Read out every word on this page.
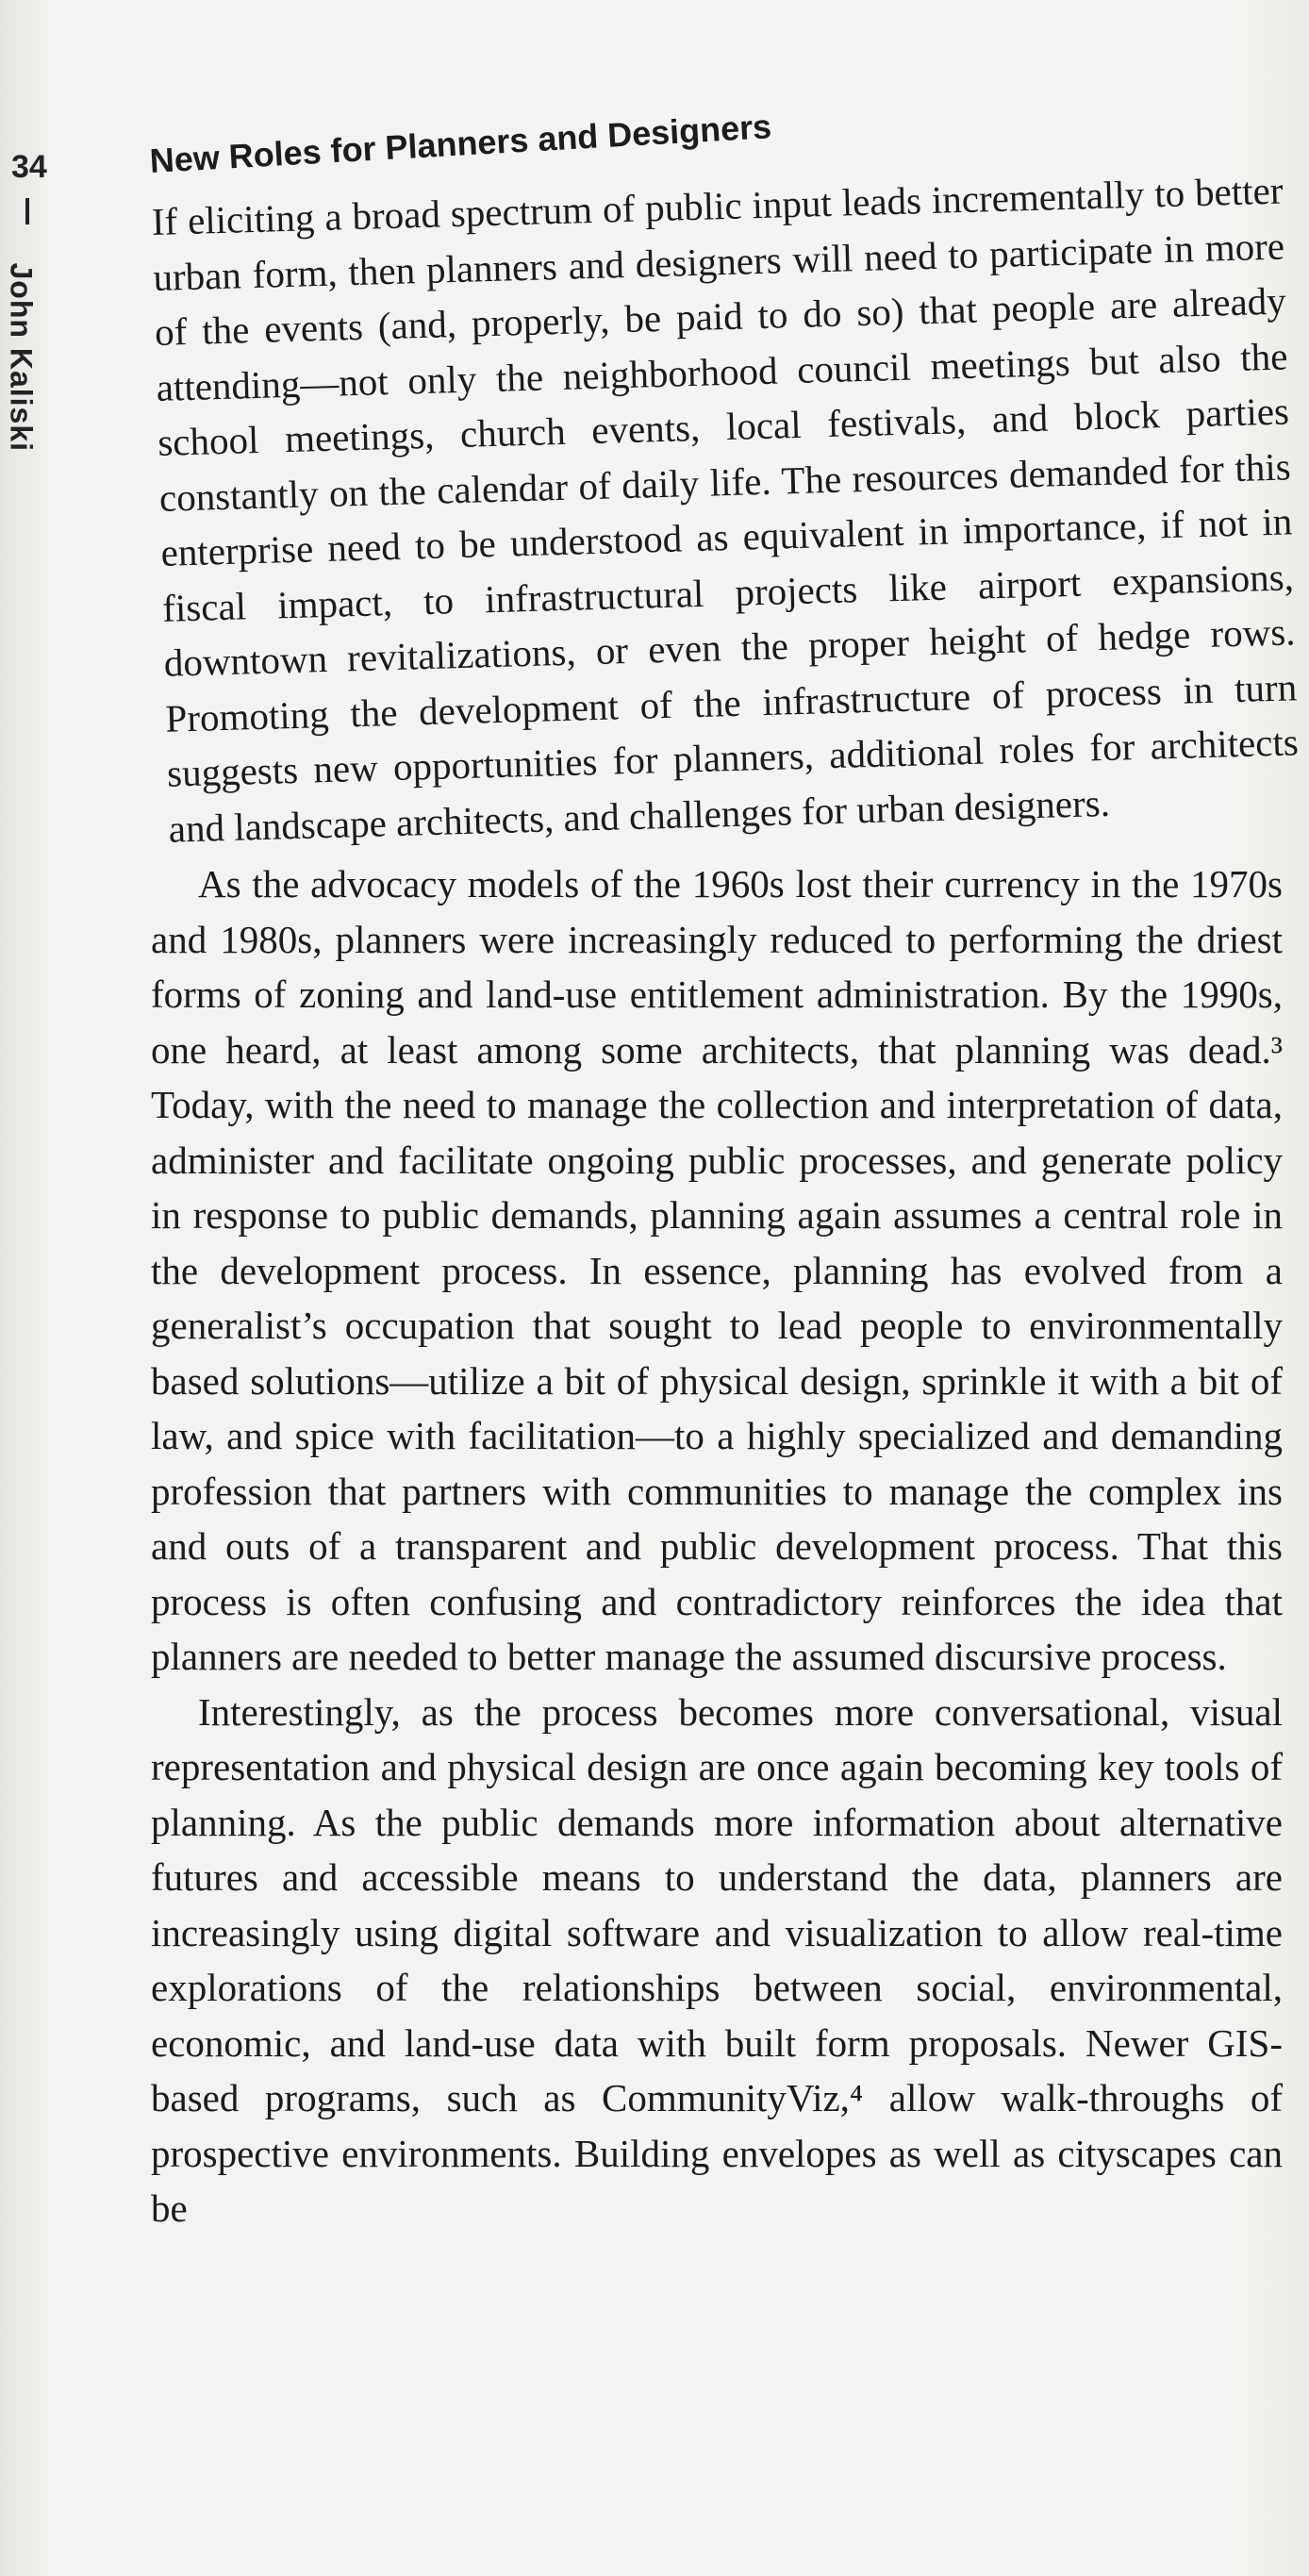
34
John Kaliski
New Roles for Planners and Designers

If eliciting a broad spectrum of public input leads incrementally to better urban form, then planners and designers will need to participate in more of the events (and, properly, be paid to do so) that people are already attending—not only the neighborhood council meetings but also the school meetings, church events, local festivals, and block parties constantly on the calendar of daily life. The resources demanded for this enterprise need to be understood as equivalent in importance, if not in fiscal impact, to infrastructural projects like airport expansions, downtown revitalizations, or even the proper height of hedge rows. Promoting the development of the infrastructure of process in turn suggests new opportunities for planners, additional roles for architects and landscape architects, and challenges for urban designers.

As the advocacy models of the 1960s lost their currency in the 1970s and 1980s, planners were increasingly reduced to performing the driest forms of zoning and land-use entitlement administration. By the 1990s, one heard, at least among some architects, that planning was dead.³ Today, with the need to manage the collection and interpretation of data, administer and facilitate ongoing public processes, and generate policy in response to public demands, planning again assumes a central role in the development process. In essence, planning has evolved from a generalist’s occupation that sought to lead people to environmentally based solutions—utilize a bit of physical design, sprinkle it with a bit of law, and spice with facilitation—to a highly specialized and demanding profession that partners with communities to manage the complex ins and outs of a transparent and public development process. That this process is often confusing and contradictory reinforces the idea that planners are needed to better manage the assumed discursive process.

Interestingly, as the process becomes more conversational, visual representation and physical design are once again becoming key tools of planning. As the public demands more information about alternative futures and accessible means to understand the data, planners are increasingly using digital software and visualization to allow real-time explorations of the relationships between social, environmental, economic, and land-use data with built form proposals. Newer GIS-based programs, such as CommunityViz,⁴ allow walk-throughs of prospective environments. Building envelopes as well as cityscapes can be
